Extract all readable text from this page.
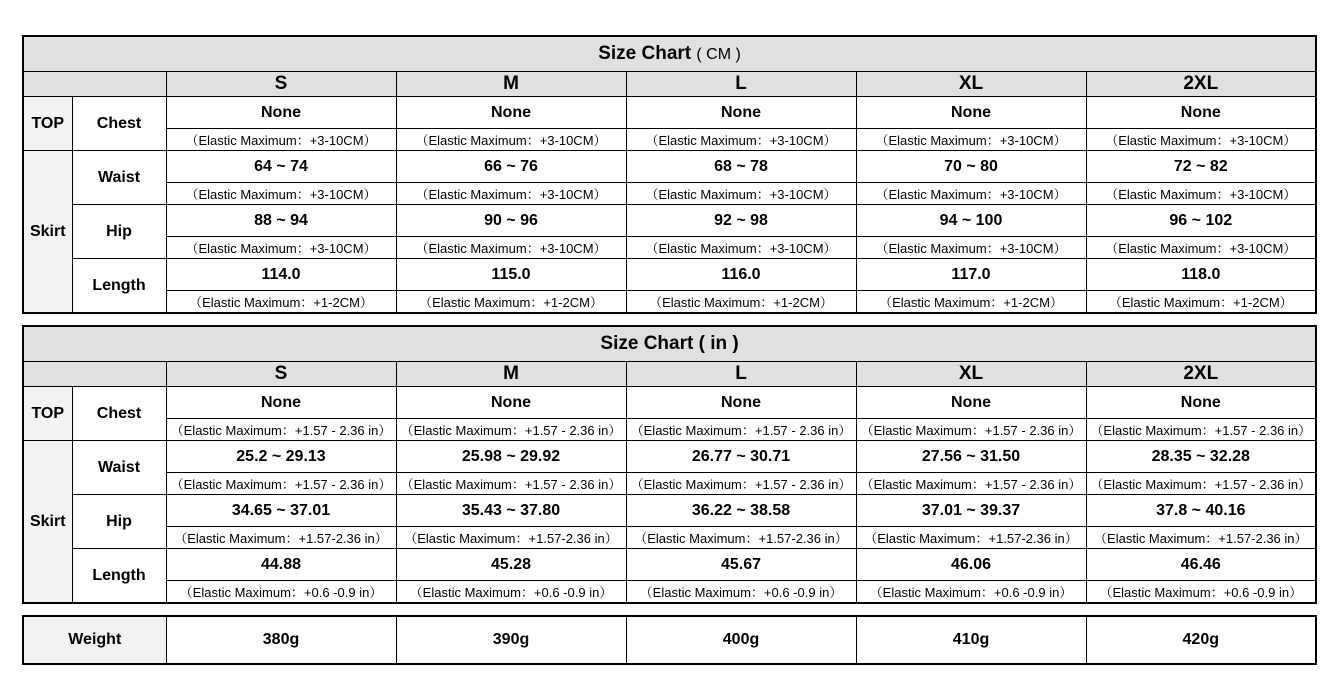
Size Chart ( CM )						
		S	M	L	XL	2XL
TOP	Chest	None	None	None	None	None
		（Elastic Maximum：+3-10CM）	（Elastic Maximum：+3-10CM）	（Elastic Maximum：+3-10CM）	（Elastic Maximum：+3-10CM）	（Elastic Maximum：+3-10CM）
Skirt	Waist	64 ~ 74	66 ~ 76	68 ~ 78	70 ~ 80	72 ~ 82
		（Elastic Maximum：+3-10CM）	（Elastic Maximum：+3-10CM）	（Elastic Maximum：+3-10CM）	（Elastic Maximum：+3-10CM）	（Elastic Maximum：+3-10CM）
	Hip	88 ~ 94	90 ~ 96	92 ~ 98	94 ~ 100	96 ~ 102
		（Elastic Maximum：+3-10CM）	（Elastic Maximum：+3-10CM）	（Elastic Maximum：+3-10CM）	（Elastic Maximum：+3-10CM）	（Elastic Maximum：+3-10CM）
	Length	114.0	115.0	116.0	117.0	118.0
		（Elastic Maximum：+1-2CM）	（Elastic Maximum：+1-2CM）	（Elastic Maximum：+1-2CM）	（Elastic Maximum：+1-2CM）	（Elastic Maximum：+1-2CM）
Size Chart ( in )						
		S	M	L	XL	2XL
TOP	Chest	None	None	None	None	None
		（Elastic Maximum：+1.57 - 2.36 in）	（Elastic Maximum：+1.57 - 2.36 in）	（Elastic Maximum：+1.57 - 2.36 in）	（Elastic Maximum：+1.57 - 2.36 in）	（Elastic Maximum：+1.57 - 2.36 in）
Skirt	Waist	25.2 ~ 29.13	25.98 ~ 29.92	26.77 ~ 30.71	27.56 ~ 31.50	28.35 ~ 32.28
		（Elastic Maximum：+1.57 - 2.36 in）	（Elastic Maximum：+1.57 - 2.36 in）	（Elastic Maximum：+1.57 - 2.36 in）	（Elastic Maximum：+1.57 - 2.36 in）	（Elastic Maximum：+1.57 - 2.36 in）
	Hip	34.65 ~ 37.01	35.43 ~ 37.80	36.22 ~ 38.58	37.01 ~ 39.37	37.8 ~ 40.16
		（Elastic Maximum：+1.57-2.36 in）	（Elastic Maximum：+1.57-2.36 in）	（Elastic Maximum：+1.57-2.36 in）	（Elastic Maximum：+1.57-2.36 in）	（Elastic Maximum：+1.57-2.36 in）
	Length	44.88	45.28	45.67	46.06	46.46
		（Elastic Maximum：+0.6 -0.9 in）	（Elastic Maximum：+0.6 -0.9 in）	（Elastic Maximum：+0.6 -0.9 in）	（Elastic Maximum：+0.6 -0.9 in）	（Elastic Maximum：+0.6 -0.9 in）
Weight	380g	390g	400g	410g	420g
